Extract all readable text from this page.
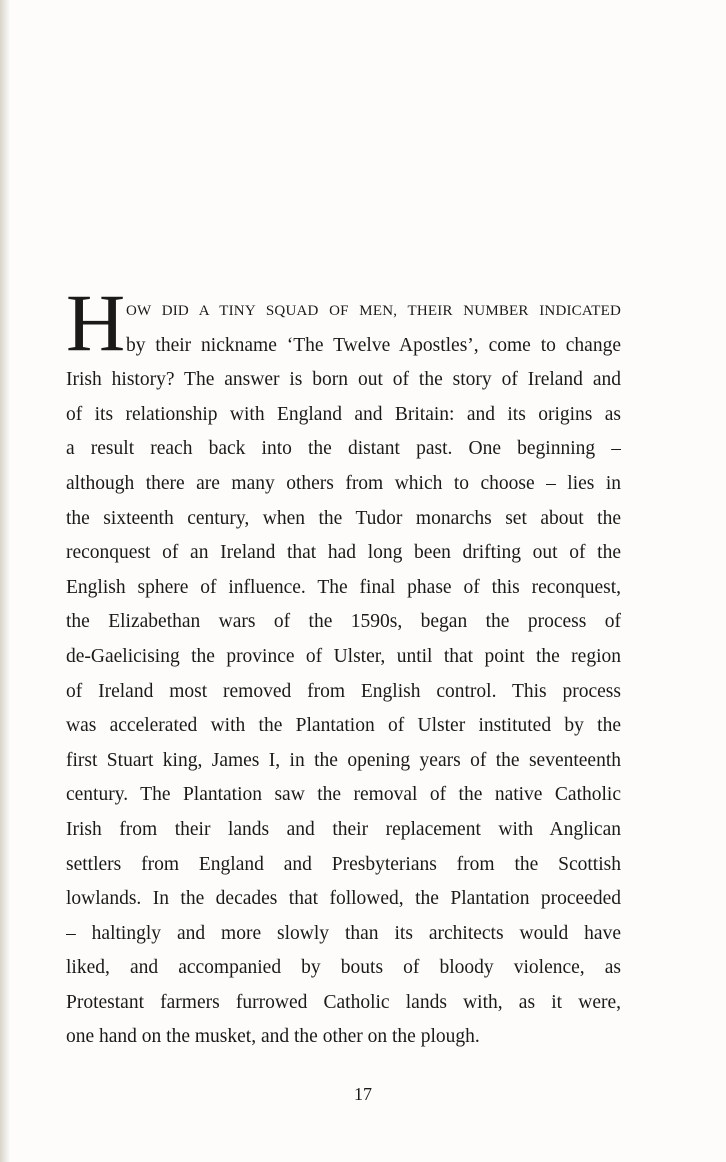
H OW DID A TINY SQUAD OF MEN, THEIR NUMBER INDICATED
by their nickname ‘The Twelve Apostles’, come to change
Irish history? The answer is born out of the story of Ireland and
of its relationship with England and Britain: and its origins as
a result reach back into the distant past. One beginning –
although there are many others from which to choose – lies in
the sixteenth century, when the Tudor monarchs set about the
reconquest of an Ireland that had long been drifting out of the
English sphere of influence. The final phase of this reconquest,
the Elizabethan wars of the 1590s, began the process of
de-Gaelicising the province of Ulster, until that point the region
of Ireland most removed from English control. This process
was accelerated with the Plantation of Ulster instituted by the
first Stuart king, James I, in the opening years of the seventeenth
century. The Plantation saw the removal of the native Catholic
Irish from their lands and their replacement with Anglican
settlers from England and Presbyterians from the Scottish
lowlands. In the decades that followed, the Plantation proceeded
– haltingly and more slowly than its architects would have
liked, and accompanied by bouts of bloody violence, as
Protestant farmers furrowed Catholic lands with, as it were,
one hand on the musket, and the other on the plough.
17
